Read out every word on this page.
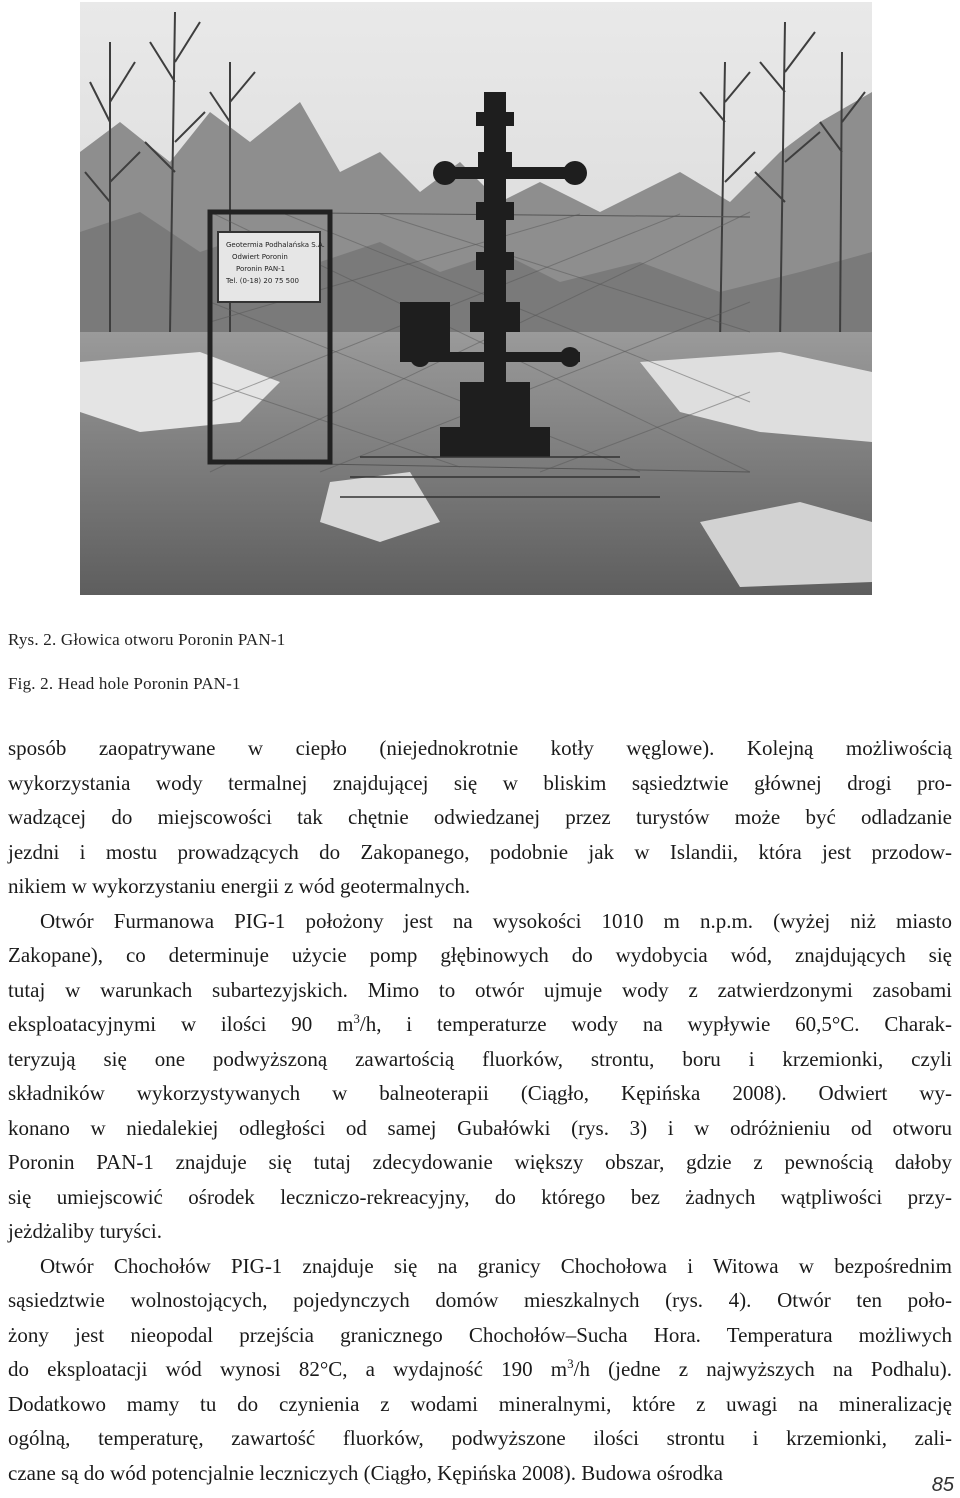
Geotermia Podhalańska S.A.
Odwiert Poronin
Poronin PAN-1
Tel. (0-18) 20 75 500
Rys. 2. Głowica otworu Poronin PAN-1
Fig. 2. Head hole Poronin PAN-1
sposób zaopatrywane w ciepło (niejednokrotnie kotły węglowe). Kolejną możliwością
wykorzystania wody termalnej znajdującej się w bliskim sąsiedztwie głównej drogi pro-
wadzącej do miejscowości tak chętnie odwiedzanej przez turystów może być odladzanie
jezdni i mostu prowadzących do Zakopanego, podobnie jak w Islandii, która jest przodow-
nikiem w wykorzystaniu energii z wód geotermalnych.
Otwór Furmanowa PIG-1 położony jest na wysokości 1010 m n.p.m. (wyżej niż miasto
Zakopane), co determinuje użycie pomp głębinowych do wydobycia wód, znajdujących się
tutaj w warunkach subartezyjskich. Mimo to otwór ujmuje wody z zatwierdzonymi zasobami
eksploatacyjnymi w ilości 90 $m^3/h$, i temperaturze wody na wypływie 60,5°C. Charak-
teryzują się one podwyższoną zawartością fluorków, strontu, boru i krzemionki, czyli
składników wykorzystywanych w balneoterapii (Ciągło, Kępińska 2008). Odwiert wy-
konano w niedalekiej odległości od samej Gubałówki (rys. 3) i w odróżnieniu od otworu
Poronin PAN-1 znajduje się tutaj zdecydowanie większy obszar, gdzie z pewnością dałoby
się umiejscowić ośrodek leczniczo-rekreacyjny, do którego bez żadnych wątpliwości przy-
jeżdżaliby turyści.
Otwór Chochołów PIG-1 znajduje się na granicy Chochołowa i Witowa w bezpośrednim
sąsiedztwie wolnostojących, pojedynczych domów mieszkalnych (rys. 4). Otwór ten poło-
żony jest nieopodal przejścia granicznego Chochołów–Sucha Hora. Temperatura możliwych
do eksploatacji wód wynosi 82°C, a wydajność 190 $m^3/h$ (jedne z najwyższych na Podhalu).
Dodatkowo mamy tu do czynienia z wodami mineralnymi, które z uwagi na mineralizację
ogólną, temperaturę, zawartość fluorków, podwyższone ilości strontu i krzemionki, zali-
czane są do wód potencjalnie leczniczych (Ciągło, Kępińska 2008). Budowa ośrodka
85
